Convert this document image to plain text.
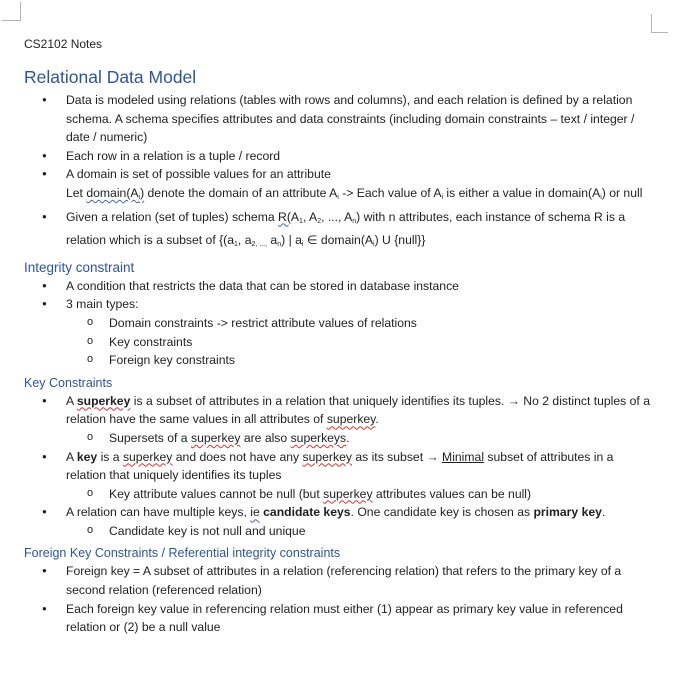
CS2102 Notes
Relational Data Model
● Data is modeled using relations (tables with rows and columns), and each relation is defined by a relation schema. A schema specifies attributes and data constraints (including domain constraints – text / integer / date / numeric)
● Each row in a relation is a tuple / record
● A domain is set of possible values for an attribute
Let $domain(A_i)$ denote the domain of an attribute $A_i$ -> Each value of $A_i$ is either a value in $domain(A_i)$ or null
● Given a relation (set of tuples) schema $R(A_1$, $A_2$, ..., $A_n$) with n attributes, each instance of schema R is a relation which is a subset of {($a_1$, $a_{2, ...,}$ $a_n$) | $a_i$ ∈ $domain(A_i)$ U {null}}
Integrity constraint
● A condition that restricts the data that can be stored in database instance
● 3 main types:
o Domain constraints -> restrict attribute values of relations
o Key constraints
o Foreign key constraints
Key Constraints
● A superkey is a subset of attributes in a relation that uniquely identifies its tuples. → No 2 distinct tuples of a relation have the same values in all attributes of superkey.
o Supersets of a superkey are also superkeys.
● A key is a superkey and does not have any superkey as its subset → Minimal subset of attributes in a relation that uniquely identifies its tuples
o Key attribute values cannot be null (but superkey attributes values can be null)
● A relation can have multiple keys, ie candidate keys. One candidate key is chosen as primary key.
o Candidate key is not null and unique
Foreign Key Constraints / Referential integrity constraints
● Foreign key = A subset of attributes in a relation (referencing relation) that refers to the primary key of a second relation (referenced relation)
● Each foreign key value in referencing relation must either (1) appear as primary key value in referenced relation or (2) be a null value
